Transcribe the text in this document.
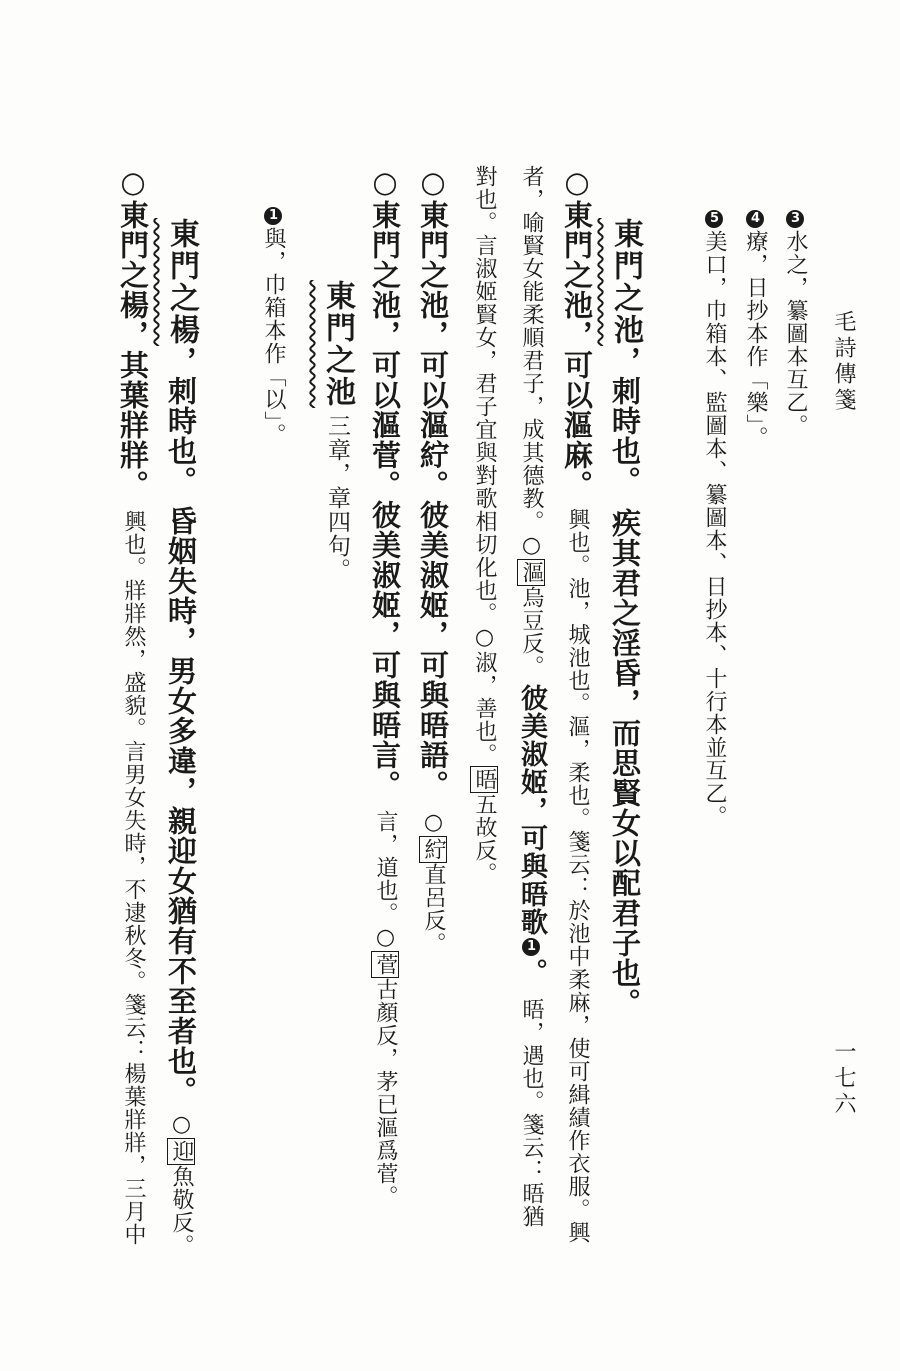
毛詩傳箋
一七六
3水之，纂圖本互乙。
4療，日抄本作「樂」。
5美口，巾箱本、監圖本、纂圖本、日抄本、十行本並互乙。
東門之池，刺時也。疾其君之淫昏，而思賢女以配君子也。
○東門之池，可以漚麻。興也。池，城池也。漚，柔也。箋云：於池中柔麻，使可緝績作衣服。興
者，喻賢女能柔順君子，成其德教。○漚烏豆反。彼美淑姬，可與晤歌1。晤，遇也。箋云：晤猶
對也。言淑姬賢女，君子宜與對歌相切化也。○淑，善也。晤五故反。
○東門之池，可以漚紵。彼美淑姬，可與晤語。○紵直呂反。
○東門之池，可以漚菅。彼美淑姬，可與晤言。言，道也。○菅古顏反，茅已漚爲菅。
東門之池三章，章四句。
1與，巾箱本作「以」。
東門之楊，刺時也。昏姻失時，男女多違，親迎女猶有不至者也。○迎魚敬反。
○東門之楊，其葉牂牂。興也。牂牂然，盛貌。言男女失時，不逮秋冬。箋云：楊葉牂牂，三月中
